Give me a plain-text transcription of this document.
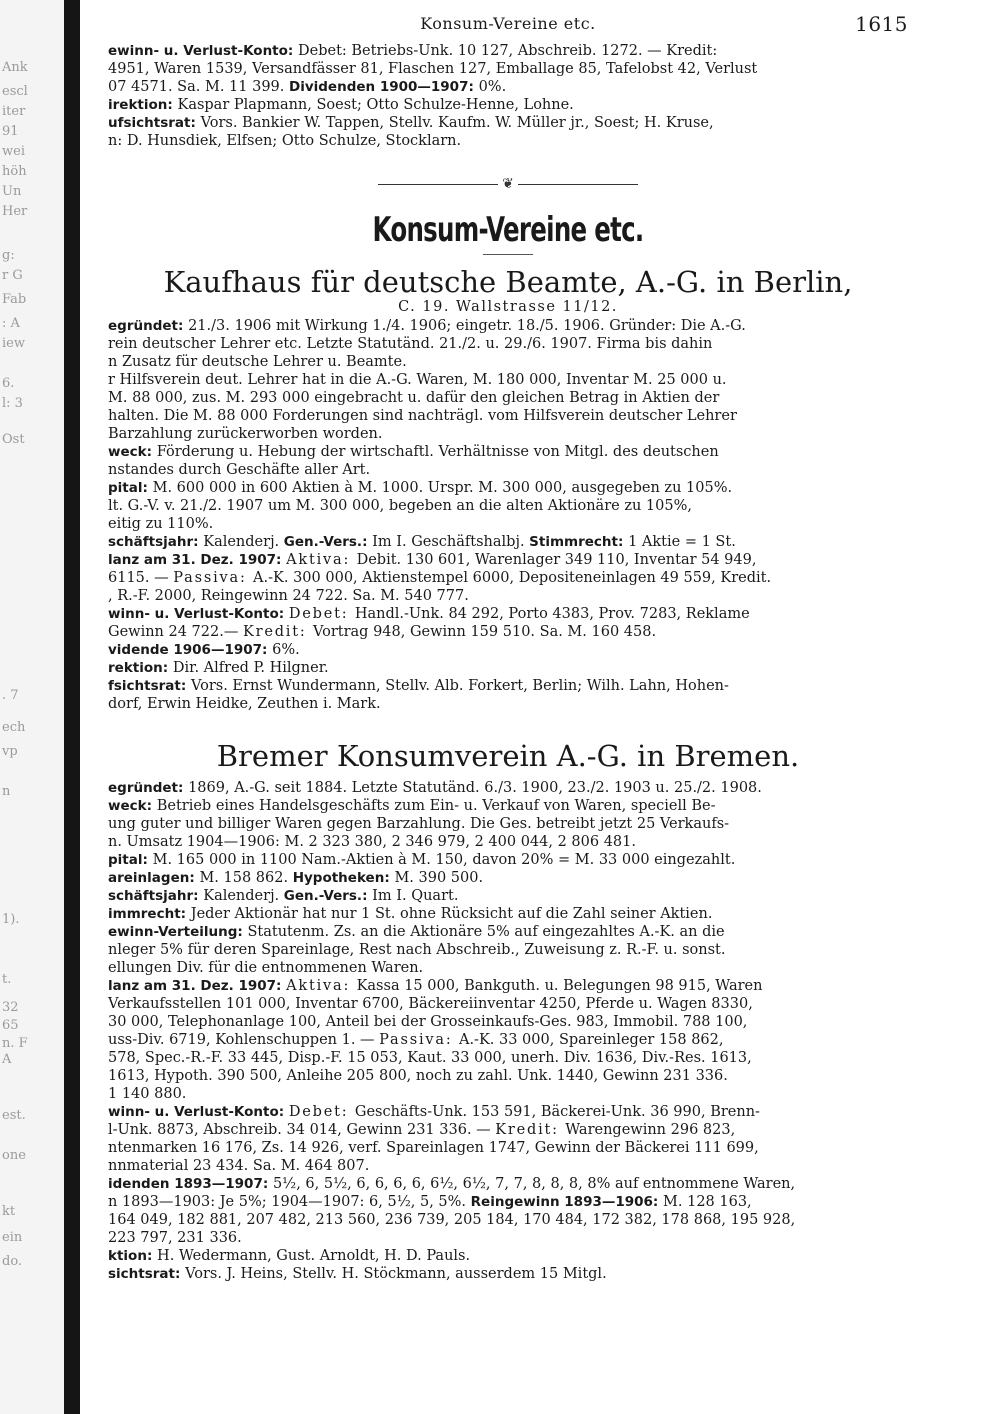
Ank
escl
iter
91
wei
höh
Un
Her
g:
r G
Fab
: A
iew
6.
l: 3
Ost
. 7
ech
vp
n
1).
t.
32
65
n. F
A
est.
one
kt
ein
do.
Konsum-Vereine etc.	1615
ewinn- u. Verlust-Konto: Debet: Betriebs-Unk. 10 127, Abschreib. 1272. — Kredit:
4951, Waren 1539, Versandfässer 81, Flaschen 127, Emballage 85, Tafelobst 42, Verlust
07 4571. Sa. M. 11 399. Dividenden 1900—1907: 0%.
irektion: Kaspar Plapmann, Soest; Otto Schulze-Henne, Lohne.
ufsichtsrat: Vors. Bankier W. Tappen, Stellv. Kaufm. W. Müller jr., Soest; H. Kruse,
n: D. Hunsdiek, Elfsen; Otto Schulze, Stocklarn.
❦
Konsum-Vereine etc.
Kaufhaus für deutsche Beamte, A.-G. in Berlin,
C. 19. Wallstrasse 11/12.
egründet: 21./3. 1906 mit Wirkung 1./4. 1906; eingetr. 18./5. 1906. Gründer: Die A.-G.
rein deutscher Lehrer etc. Letzte Statutänd. 21./2. u. 29./6. 1907. Firma bis dahin
n Zusatz für deutsche Lehrer u. Beamte.
r Hilfsverein deut. Lehrer hat in die A.-G. Waren, M. 180 000, Inventar M. 25 000 u.
M. 88 000, zus. M. 293 000 eingebracht u. dafür den gleichen Betrag in Aktien der
halten. Die M. 88 000 Forderungen sind nachträgl. vom Hilfsverein deutscher Lehrer
Barzahlung zurückerworben worden.
weck: Förderung u. Hebung der wirtschaftl. Verhältnisse von Mitgl. des deutschen
nstandes durch Geschäfte aller Art.
pital: M. 600 000 in 600 Aktien à M. 1000. Urspr. M. 300 000, ausgegeben zu 105%.
lt. G.-V. v. 21./2. 1907 um M. 300 000, begeben an die alten Aktionäre zu 105%,
eitig zu 110%.
schäftsjahr: Kalenderj. Gen.-Vers.: Im I. Geschäftshalbj. Stimmrecht: 1 Aktie = 1 St.
lanz am 31. Dez. 1907: Aktiva: Debit. 130 601, Warenlager 349 110, Inventar 54 949,
6115. — Passiva: A.-K. 300 000, Aktienstempel 6000, Depositeneinlagen 49 559, Kredit.
, R.-F. 2000, Reingewinn 24 722. Sa. M. 540 777.
winn- u. Verlust-Konto: Debet: Handl.-Unk. 84 292, Porto 4383, Prov. 7283, Reklame
Gewinn 24 722.— Kredit: Vortrag 948, Gewinn 159 510. Sa. M. 160 458.
vidende 1906—1907: 6%.
rektion: Dir. Alfred P. Hilgner.
fsichtsrat: Vors. Ernst Wundermann, Stellv. Alb. Forkert, Berlin; Wilh. Lahn, Hohen-
dorf, Erwin Heidke, Zeuthen i. Mark.
Bremer Konsumverein A.-G. in Bremen.
egründet: 1869, A.-G. seit 1884. Letzte Statutänd. 6./3. 1900, 23./2. 1903 u. 25./2. 1908.
weck: Betrieb eines Handelsgeschäfts zum Ein- u. Verkauf von Waren, speciell Be-
ung guter und billiger Waren gegen Barzahlung. Die Ges. betreibt jetzt 25 Verkaufs-
n. Umsatz 1904—1906: M. 2 323 380, 2 346 979, 2 400 044, 2 806 481.
pital: M. 165 000 in 1100 Nam.-Aktien à M. 150, davon 20% = M. 33 000 eingezahlt.
areinlagen: M. 158 862. Hypotheken: M. 390 500.
schäftsjahr: Kalenderj. Gen.-Vers.: Im I. Quart.
immrecht: Jeder Aktionär hat nur 1 St. ohne Rücksicht auf die Zahl seiner Aktien.
ewinn-Verteilung: Statutenm. Zs. an die Aktionäre 5% auf eingezahltes A.-K. an die
nleger 5% für deren Spareinlage, Rest nach Abschreib., Zuweisung z. R.-F. u. sonst.
ellungen Div. für die entnommenen Waren.
lanz am 31. Dez. 1907: Aktiva: Kassa 15 000, Bankguth. u. Belegungen 98 915, Waren
Verkaufsstellen 101 000, Inventar 6700, Bäckereiinventar 4250, Pferde u. Wagen 8330,
30 000, Telephonanlage 100, Anteil bei der Grosseinkaufs-Ges. 983, Immobil. 788 100,
uss-Div. 6719, Kohlenschuppen 1. — Passiva: A.-K. 33 000, Spareinleger 158 862,
578, Spec.-R.-F. 33 445, Disp.-F. 15 053, Kaut. 33 000, unerh. Div. 1636, Div.-Res. 1613,
1613, Hypoth. 390 500, Anleihe 205 800, noch zu zahl. Unk. 1440, Gewinn 231 336.
1 140 880.
winn- u. Verlust-Konto: Debet: Geschäfts-Unk. 153 591, Bäckerei-Unk. 36 990, Brenn-
l-Unk. 8873, Abschreib. 34 014, Gewinn 231 336. — Kredit: Warengewinn 296 823,
ntenmarken 16 176, Zs. 14 926, verf. Spareinlagen 1747, Gewinn der Bäckerei 111 699,
nnmaterial 23 434. Sa. M. 464 807.
idenden 1893—1907: 5½, 6, 5½, 6, 6, 6, 6, 6½, 6½, 7, 7, 8, 8, 8, 8% auf entnommene Waren,
n 1893—1903: Je 5%; 1904—1907: 6, 5½, 5, 5%. Reingewinn 1893—1906: M. 128 163,
164 049, 182 881, 207 482, 213 560, 236 739, 205 184, 170 484, 172 382, 178 868, 195 928,
223 797, 231 336.
ktion: H. Wedermann, Gust. Arnoldt, H. D. Pauls.
sichtsrat: Vors. J. Heins, Stellv. H. Stöckmann, ausserdem 15 Mitgl.
